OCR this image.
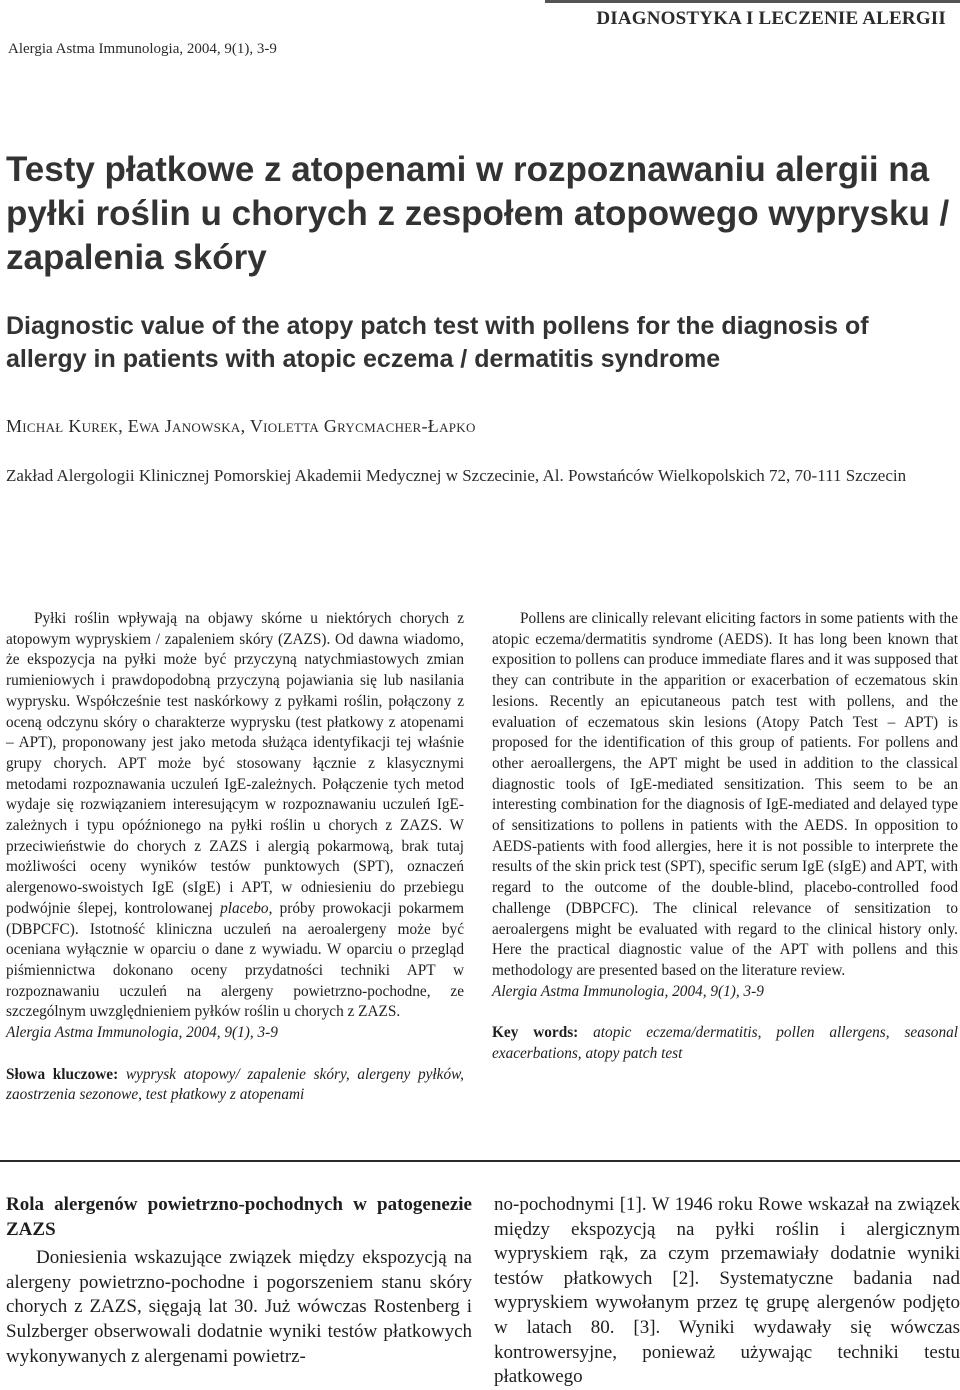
DIAGNOSTYKA I LECZENIE ALERGII
Alergia Astma Immunologia, 2004, 9(1), 3-9
Testy płatkowe z atopenami w rozpoznawaniu alergii na pyłki roślin u chorych z zespołem atopowego wyprysku / zapalenia skóry
Diagnostic value of the atopy patch test with pollens for the diagnosis of allergy in patients with atopic eczema / dermatitis syndrome
Michał Kurek, Ewa Janowska, Violetta Grycmacher-Łapko
Zakład Alergologii Klinicznej Pomorskiej Akademii Medycznej w Szczecinie, Al. Powstańców Wielkopolskich 72, 70-111 Szczecin

Pyłki roślin wpływają na objawy skórne u niektórych chorych z atopowym wypryskiem / zapaleniem skóry (ZAZS). Od dawna wiadomo, że ekspozycja na pyłki może być przyczyną natychmiastowych zmian rumieniowych i prawdopodobną przyczyną pojawiania się lub nasilania wyprysku. Współcześnie test naskórkowy z pyłkami roślin, połączony z oceną odczynu skóry o charakterze wyprysku (test płatkowy z atopenami – APT), proponowany jest jako metoda służąca identyfikacji tej właśnie grupy chorych. APT może być stosowany łącznie z klasycznymi metodami rozpoznawania uczuleń IgE-zależnych. Połączenie tych metod wydaje się rozwiązaniem interesującym w rozpoznawaniu uczuleń IgE-zależnych i typu opóźnionego na pyłki roślin u chorych z ZAZS. W przeciwieństwie do chorych z ZAZS i alergią pokarmową, brak tutaj możliwości oceny wyników testów punktowych (SPT), oznaczeń alergenowo-swoistych IgE (sIgE) i APT, w odniesieniu do przebiegu podwójnie ślepej, kontrolowanej placebo, próby prowokacji pokarmem (DBPCFC). Istotność kliniczna uczuleń na aeroalergeny może być oceniana wyłącznie w oparciu o dane z wywiadu. W oparciu o przegląd piśmiennictwa dokonano oceny przydatności techniki APT w rozpoznawaniu uczuleń na alergeny powietrzno-pochodne, ze szczególnym uwzględnieniem pyłków roślin u chorych z ZAZS.

Alergia Astma Immunologia, 2004, 9(1), 3-9

Słowa kluczowe: wyprysk atopowy/ zapalenie skóry, alergeny pyłków, zaostrzenia sezonowe, test płatkowy z atopenami

Pollens are clinically relevant eliciting factors in some patients with the atopic eczema/dermatitis syndrome (AEDS). It has long been known that exposition to pollens can produce immediate flares and it was supposed that they can contribute in the apparition or exacerbation of eczematous skin lesions. Recently an epicutaneous patch test with pollens, and the evaluation of eczematous skin lesions (Atopy Patch Test – APT) is proposed for the identification of this group of patients. For pollens and other aeroallergens, the APT might be used in addition to the classical diagnostic tools of IgE-mediated sensitization. This seem to be an interesting combination for the diagnosis of IgE-mediated and delayed type of sensitizations to pollens in patients with the AEDS. In opposition to AEDS-patients with food allergies, here it is not possible to interprete the results of the skin prick test (SPT), specific serum IgE (sIgE) and APT, with regard to the outcome of the double-blind, placebo-controlled food challenge (DBPCFC). The clinical relevance of sensitization to aeroalergens might be evaluated with regard to the clinical history only. Here the practical diagnostic value of the APT with pollens and this methodology are presented based on the literature review.

Alergia Astma Immunologia, 2004, 9(1), 3-9

Key words: atopic eczema/dermatitis, pollen allergens, seasonal exacerbations, atopy patch test

Rola alergenów powietrzno-pochodnych w patogenezie ZAZS

Doniesienia wskazujące związek między ekspozycją na alergeny powietrzno-pochodne i pogorszeniem stanu skóry chorych z ZAZS, sięgają lat 30. Już wówczas Rostenberg i Sulzberger obserwowali dodatnie wyniki testów płatkowych wykonywanych z alergenami powietrz-

no-pochodnymi [1]. W 1946 roku Rowe wskazał na związek między ekspozycją na pyłki roślin i alergicznym wypryskiem rąk, za czym przemawiały dodatnie wyniki testów płatkowych [2]. Systematyczne badania nad wypryskiem wywołanym przez tę grupę alergenów podjęto w latach 80. [3]. Wyniki wydawały się wówczas kontrowersyjne, ponieważ używając techniki testu płatkowego
